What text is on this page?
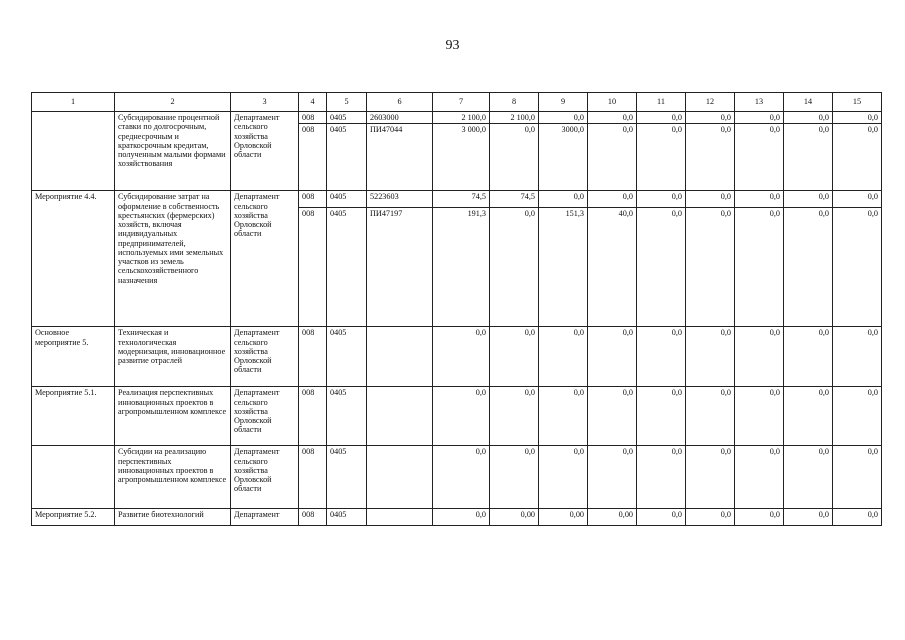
93
1	2	3	4	5	6	7	8	9	10	11	12	13	14	15
	Субсидирование процентной ставки по долгосрочным, среднесрочным и краткосрочным кредитам, полученным малыми формами хозяйствования	Департамент сельского хозяйства Орловской области	008	0405	2603000	2 100,0	2 100,0	0,0	0,0	0,0	0,0	0,0	0,0	0,0
			008	0405	ПИ47044	3 000,0	0,0	3000,0	0,0	0,0	0,0	0,0	0,0	0,0
Мероприятие 4.4.	Субсидирование затрат на оформление в собственность крестьянских (фермерских) хозяйств, включая индивидуальных предпринимателей, используемых ими земельных участков из земель сельскохозяйственного назначения	Департамент сельского хозяйства Орловской области	008	0405	5223603	74,5	74,5	0,0	0,0	0,0	0,0	0,0	0,0	0,0
			008	0405	ПИ47197	191,3	0,0	151,3	40,0	0,0	0,0	0,0	0,0	0,0
Основное мероприятие 5.	Техническая и технологическая модернизация, инновационное развитие отраслей	Департамент сельского хозяйства Орловской области	008	0405		0,0	0,0	0,0	0,0	0,0	0,0	0,0	0,0	0,0
Мероприятие 5.1.	Реализация перспективных инновационных проектов в агропромышленном комплексе	Департамент сельского хозяйства Орловской области	008	0405		0,0	0,0	0,0	0,0	0,0	0,0	0,0	0,0	0,0
	Субсидии на реализацию перспективных инновационных проектов в агропромышленном комплексе	Департамент сельского хозяйства Орловской области	008	0405		0,0	0,0	0,0	0,0	0,0	0,0	0,0	0,0	0,0
Мероприятие 5.2.	Развитие биотехнологий	Департамент	008	0405		0,0	0,00	0,00	0,00	0,0	0,0	0,0	0,0	0,0
